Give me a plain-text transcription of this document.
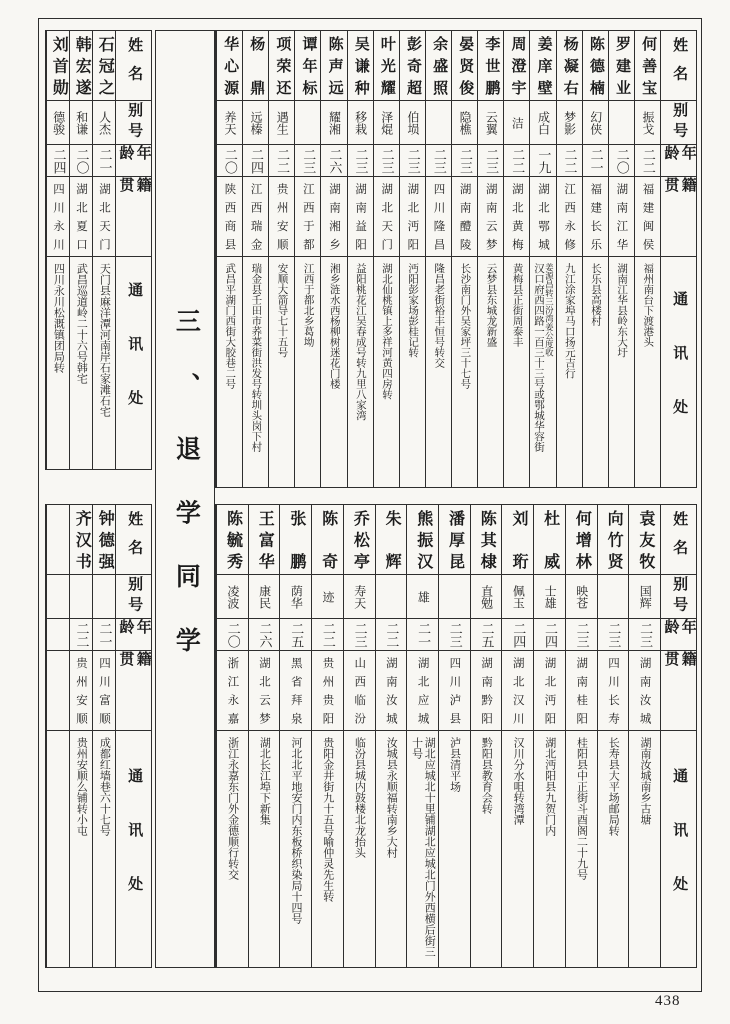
姓名
别号
年龄
籍贯
通讯处
何善宝
振戈
二二
福建闽侯
福州南台下渡港头
罗建业
二〇
湖南江华
湖南江华县岭东大圩
陈德楠
幻侠
二一
福建长乐
长乐县高楼村
杨凝右
梦影
二二
江西永修
九江涂家埠马口扬元吉行
姜庠壁
成白
一九
湖北鄂城
姜源昌转三汾湾姜公度收
汉口府西四路一百三十三号或鄂城华容街
周澄宇
洁
二二
湖北黄梅
黄梅县正街周泰丰
李世鹏
云翼
二三
湖南云梦
云梦县东城龙新盛
晏贤俊
隐樵
二三
湖南醴陵
长沙南门外吴家坪三十七号
余盛照
二三
四川隆昌
隆昌老街裕丰恒号转交
彭奇超
伯埙
二三
湖北沔阳
沔阳彭家场彭桂记转
叶光耀
泽焜
二三
湖北天门
湖北仙桃镇上多祥河黄四房转
吴谦种
移栽
二三
湖南益阳
益阳桃花江吴春成号转九里八家湾
陈声远
耀湘
二六
湖南湘乡
湘乡涟水西杨柳树迷花门楼
谭年标
二三
江西于都
江西于都北乡葛坳
项荣还
遇生
二二
贵州安顺
安顺大箭导七十五号
杨鼎
远榛
二四
江西瑞金
瑞金县壬田市荞菜街洪发号转圳头岗下村
华心源
养天
二〇
陕西商县
武昌平湖门西街大胶巷二号
姓名
别号
年龄
籍贯
通讯处
石冠之
人杰
二一
湖北天门
天门县麻洋潭河南岸石家滩石宅
韩宏遂
和谦
二〇
湖北夏口
武昌巡道岭二十六号韩宅
刘首勋
德骏
二四
四川永川
四川永川松溉镇团局转	三、退学同学	姓名
别号
年龄
籍贯
通讯处
袁友牧
国辉
二三
湖南汝城
湖南汝城南乡古塘
向竹贤
二三
四川长寿
长寿县大平场邮局转
何增林
映苍
二三
湖南桂阳
桂阳县中正街斗酉阁二十九号
杜威
士雄
二四
湖北沔阳
湖北沔阳县九贺门内
刘珩
佩玉
二四
湖北汉川
汉川分水咀转湾潭
陈其棣
直勉
二五
湖南黔阳
黔阳县教育会转
潘厚昆
二三
四川泸县
泸县清平场
熊振汉
雄
二一
湖北应城
湖北应城北十里铺湖北应城北门外西横后街三十号
朱辉
二二
湖南汝城
汝城县永顺福转南乡大村
乔松亭
寿天
二三
山西临汾
临汾县城内鼓楼北龙抬头
陈奇
迹
二二
贵州贵阳
贵阳金井街九十五号喻仲灵先生转
张鹏
荫华
二五
黑省拜泉
河北北平地安门内东板桥织染局十四号
王富华
康民
二六
湖北云梦
湖北长江埠下新集
陈毓秀
凌波
二〇
浙江永嘉
浙江永嘉东门外金德顺行转交
姓名
别号
年龄
籍贯
通讯处
钟德强
二一
四川富顺
成都红墙巷六十七号
齐汉书
二二
贵州安顺
贵州安顺么铺转小屯
438
